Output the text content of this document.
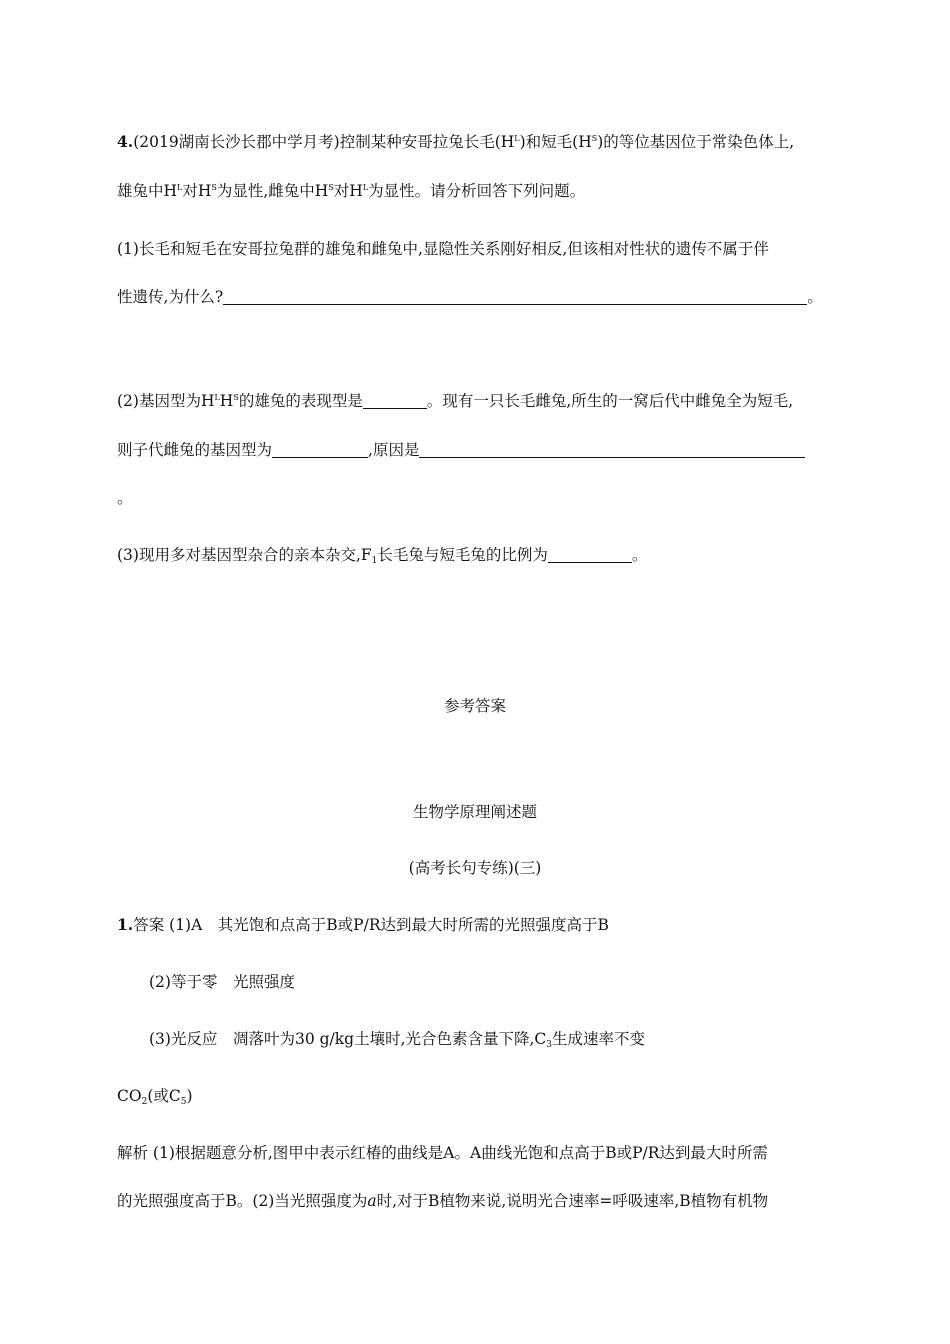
4.(2019湖南长沙长郡中学月考)控制某种安哥拉兔长毛$(H^L)$和短毛$(H^S)$的等位基因位于常染色体上,
雄兔中$H^L$对$H^S$为显性,雌兔中$H^S$对$H^L$为显性。请分析回答下列问题。
(1)长毛和短毛在安哥拉兔群的雄兔和雌兔中,显隐性关系刚好相反,但该相对性状的遗传不属于伴
性遗传,为什么?	。
(2)基因型为$H^LH^S$的雄兔的表现型是	。现有一只长毛雌兔,所生的一窝后代中雌兔全为短毛,
则子代雌兔的基因型为	,原因是
。
(3)现用多对基因型杂合的亲本杂交$,F_1$长毛兔与短毛兔的比例为	。
参考答案
生物学原理阐述题
(高考长句专练)(三)
1.答案 (1)A　其光饱和点高于B或P/R达到最大时所需的光照强度高于B
(2)等于零　光照强度
(3)光反应　凋落叶为30 g/kg土壤时,光合色素含量下降$,C_3$生成速率不变
$CO_2$(或$C_5$)
解析 (1)根据题意分析,图甲中表示红椿的曲线是A。A曲线光饱和点高于B或P/R达到最大时所需
的光照强度高于B。(2)当光照强度为a时,对于B植物来说,说明光合速率=呼吸速率,B植物有机物
